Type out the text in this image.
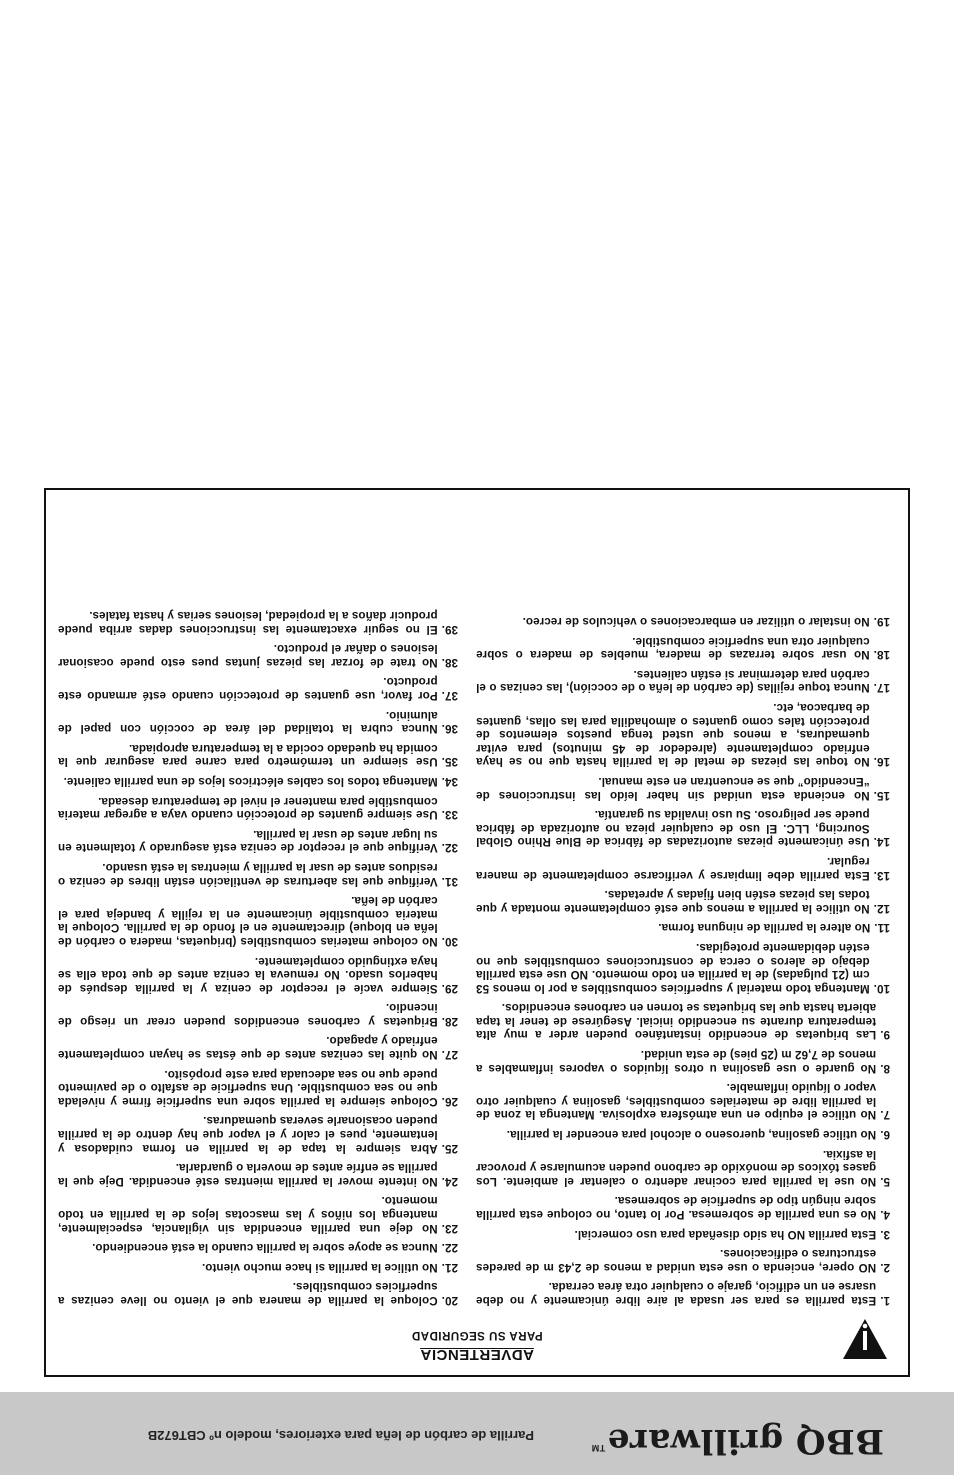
BBQ grillware™
Parrilla de carbón de leña para exteriores, modelo nº CBT672B
ADVERTENCIA
PARA SU SEGURIDAD
1.
Esta parrilla es para ser usada al aire libre únicamente y no debe usarse en un edificio, garaje o cualquier otra área cerrada.
2.
NO opere, encienda o use esta unidad a menos de 2,43 m de paredes estructuras o edificaciones.
3.
Esta parrilla NO ha sido diseñada para uso comercial.
4.
No es una parrilla de sobremesa. Por lo tanto, no coloque esta parrilla sobre ningún tipo de superficie de sobremesa.
5.
No use la parrilla para cocinar adentro o calentar el ambiente. Los gases tóxicos de monóxido de carbono pueden acumularse y provocar la asfixia.
6.
No utilice gasolina, queroseno o alcohol para encender la parrilla.
7.
No utilice el equipo en una atmósfera explosiva. Mantenga la zona de la parrilla libre de materiales combustibles, gasolina y cualquier otro vapor o líquido inflamable.
8.
No guarde o use gasolina u otros líquidos o vapores inflamables a menos de 7,62 m (25 pies) de esta unidad.
9.
Las briquetas de encendido instantáneo pueden arder a muy alta temperatura durante su encendido inicial. Asegúrese de tener la tapa abierta hasta que las briquetas se tornen en carbones encendidos.
10.
Mantenga todo material y superficies combustibles a por lo menos 53 cm (21 pulgadas) de la parrilla en todo momento. NO use esta parrilla debajo de aleros o cerca de construcciones combustibles que no estén debidamente protegidas.
11.
No altere la parrilla de ninguna forma.
12.
No utilice la parrilla a menos que esté completamente montada y que todas las piezas estén bien fijadas y apretadas.
13.
Esta parrilla debe limpiarse y verificarse completamente de manera regular.
14.
Use únicamente piezas autorizadas de fábrica de Blue Rhino Global Sourcing, LLC. El uso de cualquier pieza no autorizada de fábrica puede ser peligroso. Su uso invalida su garantía.
15.
No encienda esta unidad sin haber leído las instrucciones de “Encendido” que se encuentran en este manual.
16.
No toque las piezas de metal de la parrilla hasta que no se haya enfriado completamente (alrededor de 45 minutos) para evitar quemaduras, a menos que usted tenga puestos elementos de protección tales como guantes o almohadilla para las ollas, guantes de barbacoa, etc.
17.
Nunca toque rejillas (de carbón de leña o de cocción), las cenizas o el carbón para determinar si están calientes.
18.
No usar sobre terrazas de madera, muebles de madera o sobre cualquier otra una superficie combustible.
19.
No instalar o utilizar en embarcaciones o vehículos de recreo.
20.
Coloque la parrilla de manera que el viento no lleve cenizas a superficies combustibles.
21.
No utilice la parrilla si hace mucho viento.
22.
Nunca se apoye sobre la parrilla cuando la está encendiendo.
23.
No deje una parrilla encendida sin vigilancia, especialmente, mantenga los niños y las mascotas lejos de la parrilla en todo momento.
24.
No intente mover la parrilla mientras esté encendida. Deje que la parrilla se enfríe antes de moverla o guardarla.
25.
Abra siempre la tapa de la parrilla en forma cuidadosa y lentamente, pues el calor y el vapor que hay dentro de la parrilla pueden ocasionarle severas quemaduras.
26.
Coloque siempre la parrilla sobre una superficie firme y nivelada que no sea combustible. Una superficie de asfalto o de pavimento puede que no sea adecuada para este propósito.
27.
No quite las cenizas antes de que éstas se hayan completamente enfriado y apagado.
28.
Briquetas y carbones encendidos pueden crear un riesgo de incendio.
29.
Siempre vacíe el receptor de ceniza y la parrilla después de haberlos usado. No remueva la ceniza antes de que toda ella se haya extinguido completamente.
30.
No coloque materias combustibles (briquetas, madera o carbón de leña en bloque) directamente en el fondo de la parrilla. Coloque la materia combustible únicamente en la rejilla y bandeja para el carbón de leña.
31.
Verifique que las aberturas de ventilación están libres de ceniza o residuos antes de usar la parrilla y mientras la está usando.
32.
Verifique que el receptor de ceniza está asegurado y totalmente en su lugar antes de usar la parrilla.
33.
Use siempre guantes de protección cuando vaya a agregar materia combustible para mantener el nivel de temperatura deseada.
34.
Mantenga todos los cables eléctricos lejos de una parrilla caliente.
35.
Use siempre un termómetro para carne para asegurar que la comida ha quedado cocida a la temperatura apropiada.
36.
Nunca cubra la totalidad del área de cocción con papel de aluminio.
37.
Por favor, use guantes de protección cuando esté armando este producto.
38.
No trate de forzar las piezas juntas pues esto puede ocasionar lesiones o dañar el producto.
39.
El no seguir exactamente las instrucciones dadas arriba puede producir daños a la propiedad, lesiones serias y hasta fatales.
